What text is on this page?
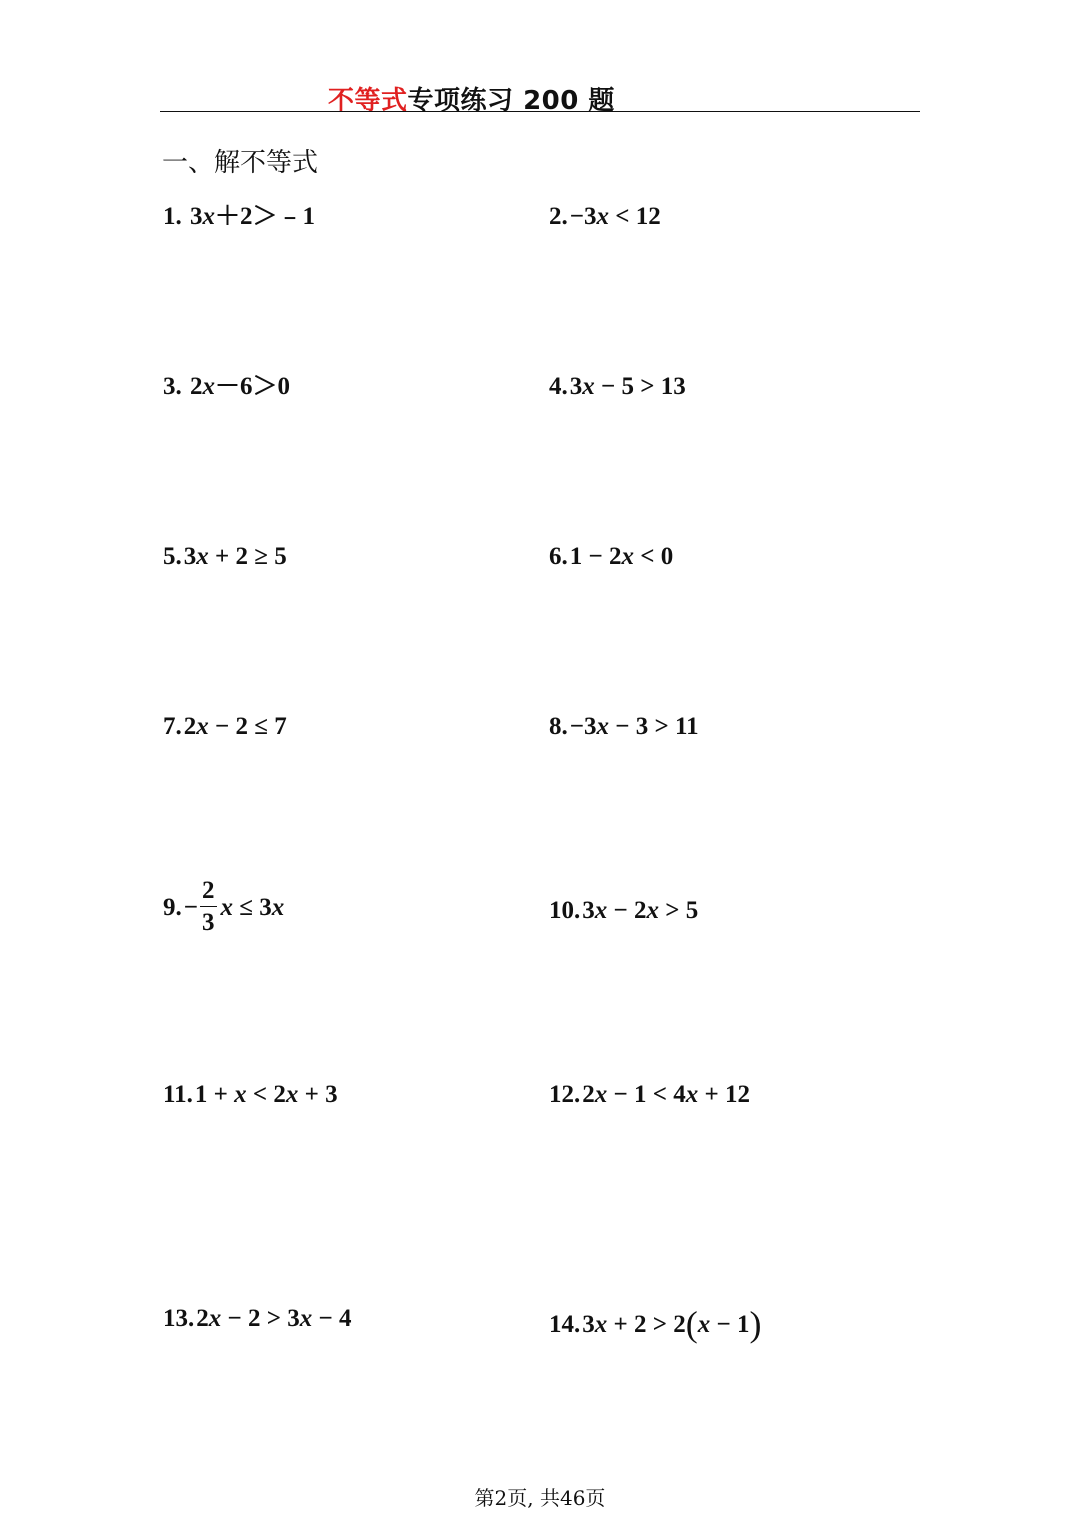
不等式专项练习 200 题
一、解不等式
1. 3x＋2＞﹣1	2.−3x < 12
3. 2x－6＞0	4.3x − 5 > 13
5.3x + 2 ≥ 5	6.1 − 2x < 0
7.2x − 2 ≤ 7	8.−3x − 3 > 11
$9.- \frac{2}{3}$ x ≤ 3x	10.3x − 2x > 5
11.1 + x < 2x + 3	12.2x − 1 < 4x + 12
13.2x − 2 > 3x − 4	14.3x + 2 > 2(x − 1)
第2页, 共46页
